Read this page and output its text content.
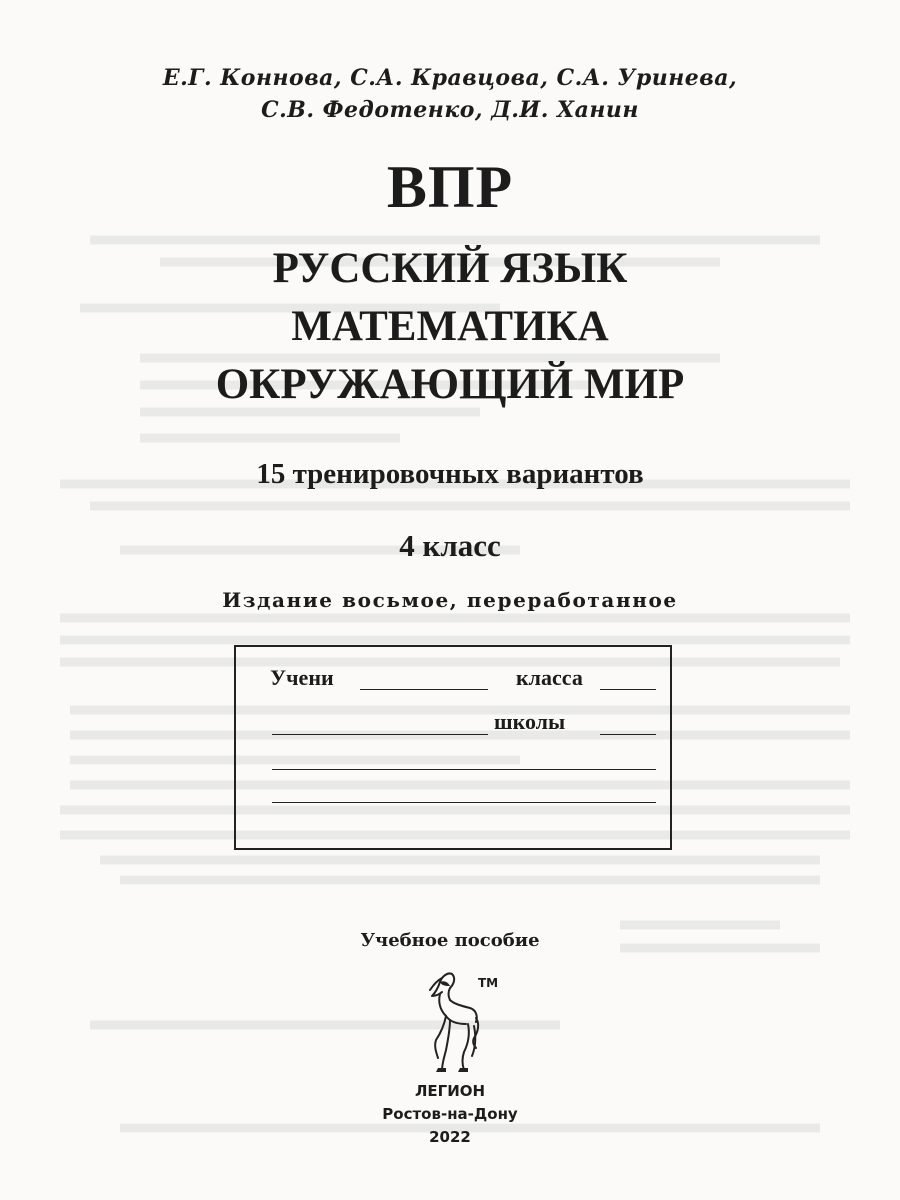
Е.Г. Коннова, С.А. Кравцова, С.А. Уринева,
С.В. Федотенко, Д.И. Ханин
ВПР
РУССКИЙ ЯЗЫК
МАТЕМАТИКА
ОКРУЖАЮЩИЙ МИР
15 тренировочных вариантов
4 класс
Издание восьмое, переработанное
Учени	класса
школы
Учебное пособие
ТМ
ЛЕГИОН
Ростов-на-Дону
2022
